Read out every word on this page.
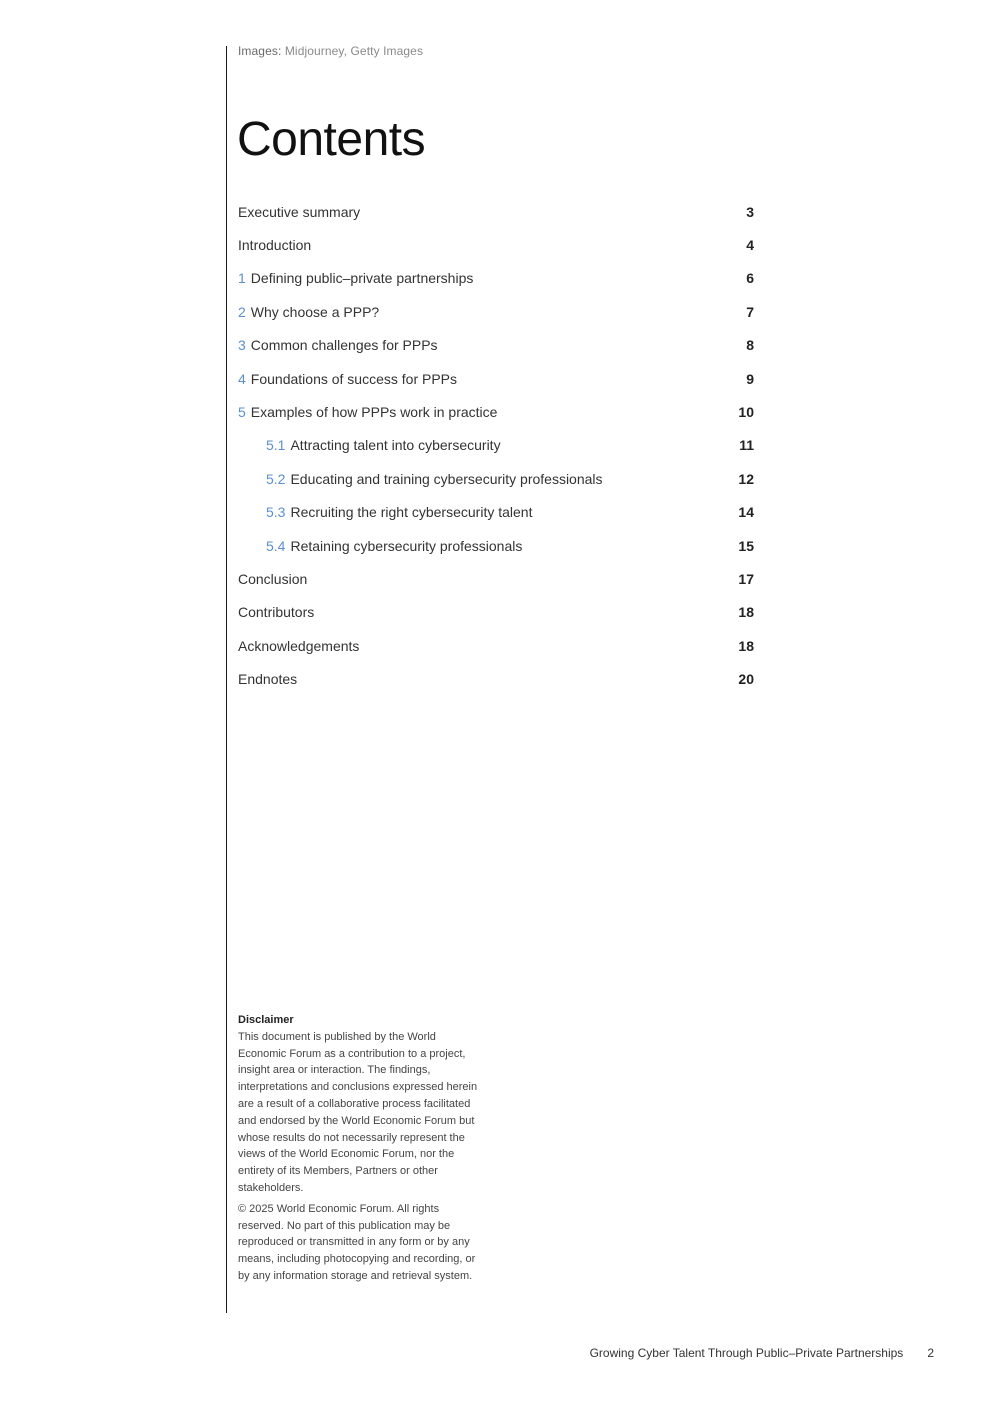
Images: Midjourney, Getty Images
Contents
Executive summary	3
Introduction	4
1 Defining public–private partnerships	6
2 Why choose a PPP?	7
3 Common challenges for PPPs	8
4 Foundations of success for PPPs	9
5 Examples of how PPPs work in practice	10
5.1 Attracting talent into cybersecurity	11
5.2 Educating and training cybersecurity professionals	12
5.3 Recruiting the right cybersecurity talent	14
5.4 Retaining cybersecurity professionals	15
Conclusion	17
Contributors	18
Acknowledgements	18
Endnotes	20
Disclaimer

This document is published by the World Economic Forum as a contribution to a project, insight area or interaction. The findings, interpretations and conclusions expressed herein are a result of a collaborative process facilitated and endorsed by the World Economic Forum but whose results do not necessarily represent the views of the World Economic Forum, nor the entirety of its Members, Partners or other stakeholders.

© 2025 World Economic Forum. All rights reserved. No part of this publication may be reproduced or transmitted in any form or by any means, including photocopying and recording, or by any information storage and retrieval system.

Growing Cyber Talent Through Public–Private Partnerships 2
